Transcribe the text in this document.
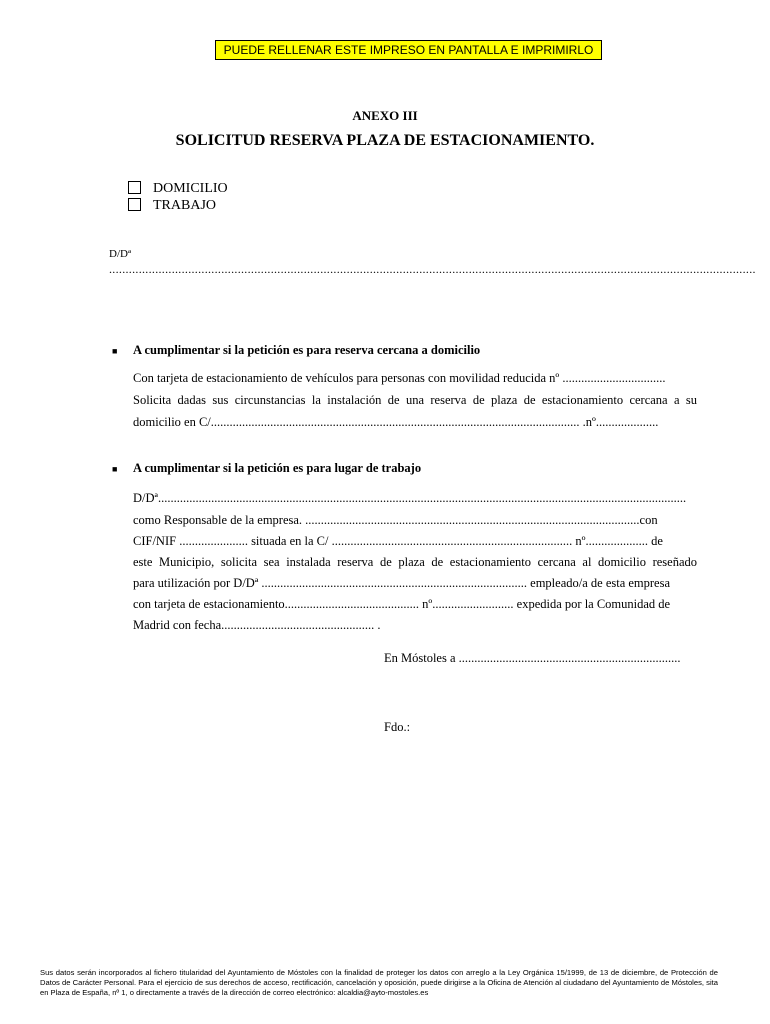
PUEDE RELLENAR ESTE IMPRESO EN PANTALLA E IMPRIMIRLO
ANEXO III
SOLICITUD RESERVA PLAZA DE ESTACIONAMIENTO.
DOMICILIO
TRABAJO
D/Dª
....................................................................................................................................................................................................
■ A cumplimentar si la petición es para reserva cercana a domicilio
Con tarjeta de estacionamiento de vehículos para personas con movilidad reducida nº .................................
Solicita dadas sus circunstancias la instalación de una reserva de plaza de estacionamiento cercana a su
domicilio en C/...................................................................................................................... .nº....................
■ A cumplimentar si la petición es para lugar de trabajo
D/Dª.........................................................................................................................................................................
como Responsable de la empresa. ...........................................................................................................con
CIF/NIF ...................... situada en la C/ ............................................................................. nº.................... de
este Municipio, solicita sea instalada reserva de plaza de estacionamiento cercana al domicilio reseñado
para utilización por D/Dª ..................................................................................... empleado/a de esta empresa
con tarjeta de estacionamiento........................................... nº.......................... expedida por la Comunidad de
Madrid con fecha................................................. .
En Móstoles a .......................................................................
Fdo.:
Sus datos serán incorporados al fichero titularidad del Ayuntamiento de Móstoles con la finalidad de proteger los datos con arreglo a la Ley Orgánica 15/1999, de 13 de diciembre, de Protección de Datos de Carácter Personal. Para el ejercicio de sus derechos de acceso, rectificación, cancelación y oposición, puede dirigirse a la Oficina de Atención al ciudadano del Ayuntamiento de Móstoles, sita en Plaza de España, nº 1, o directamente a través de la dirección de correo electrónico: alcaldia@ayto-mostoles.es
